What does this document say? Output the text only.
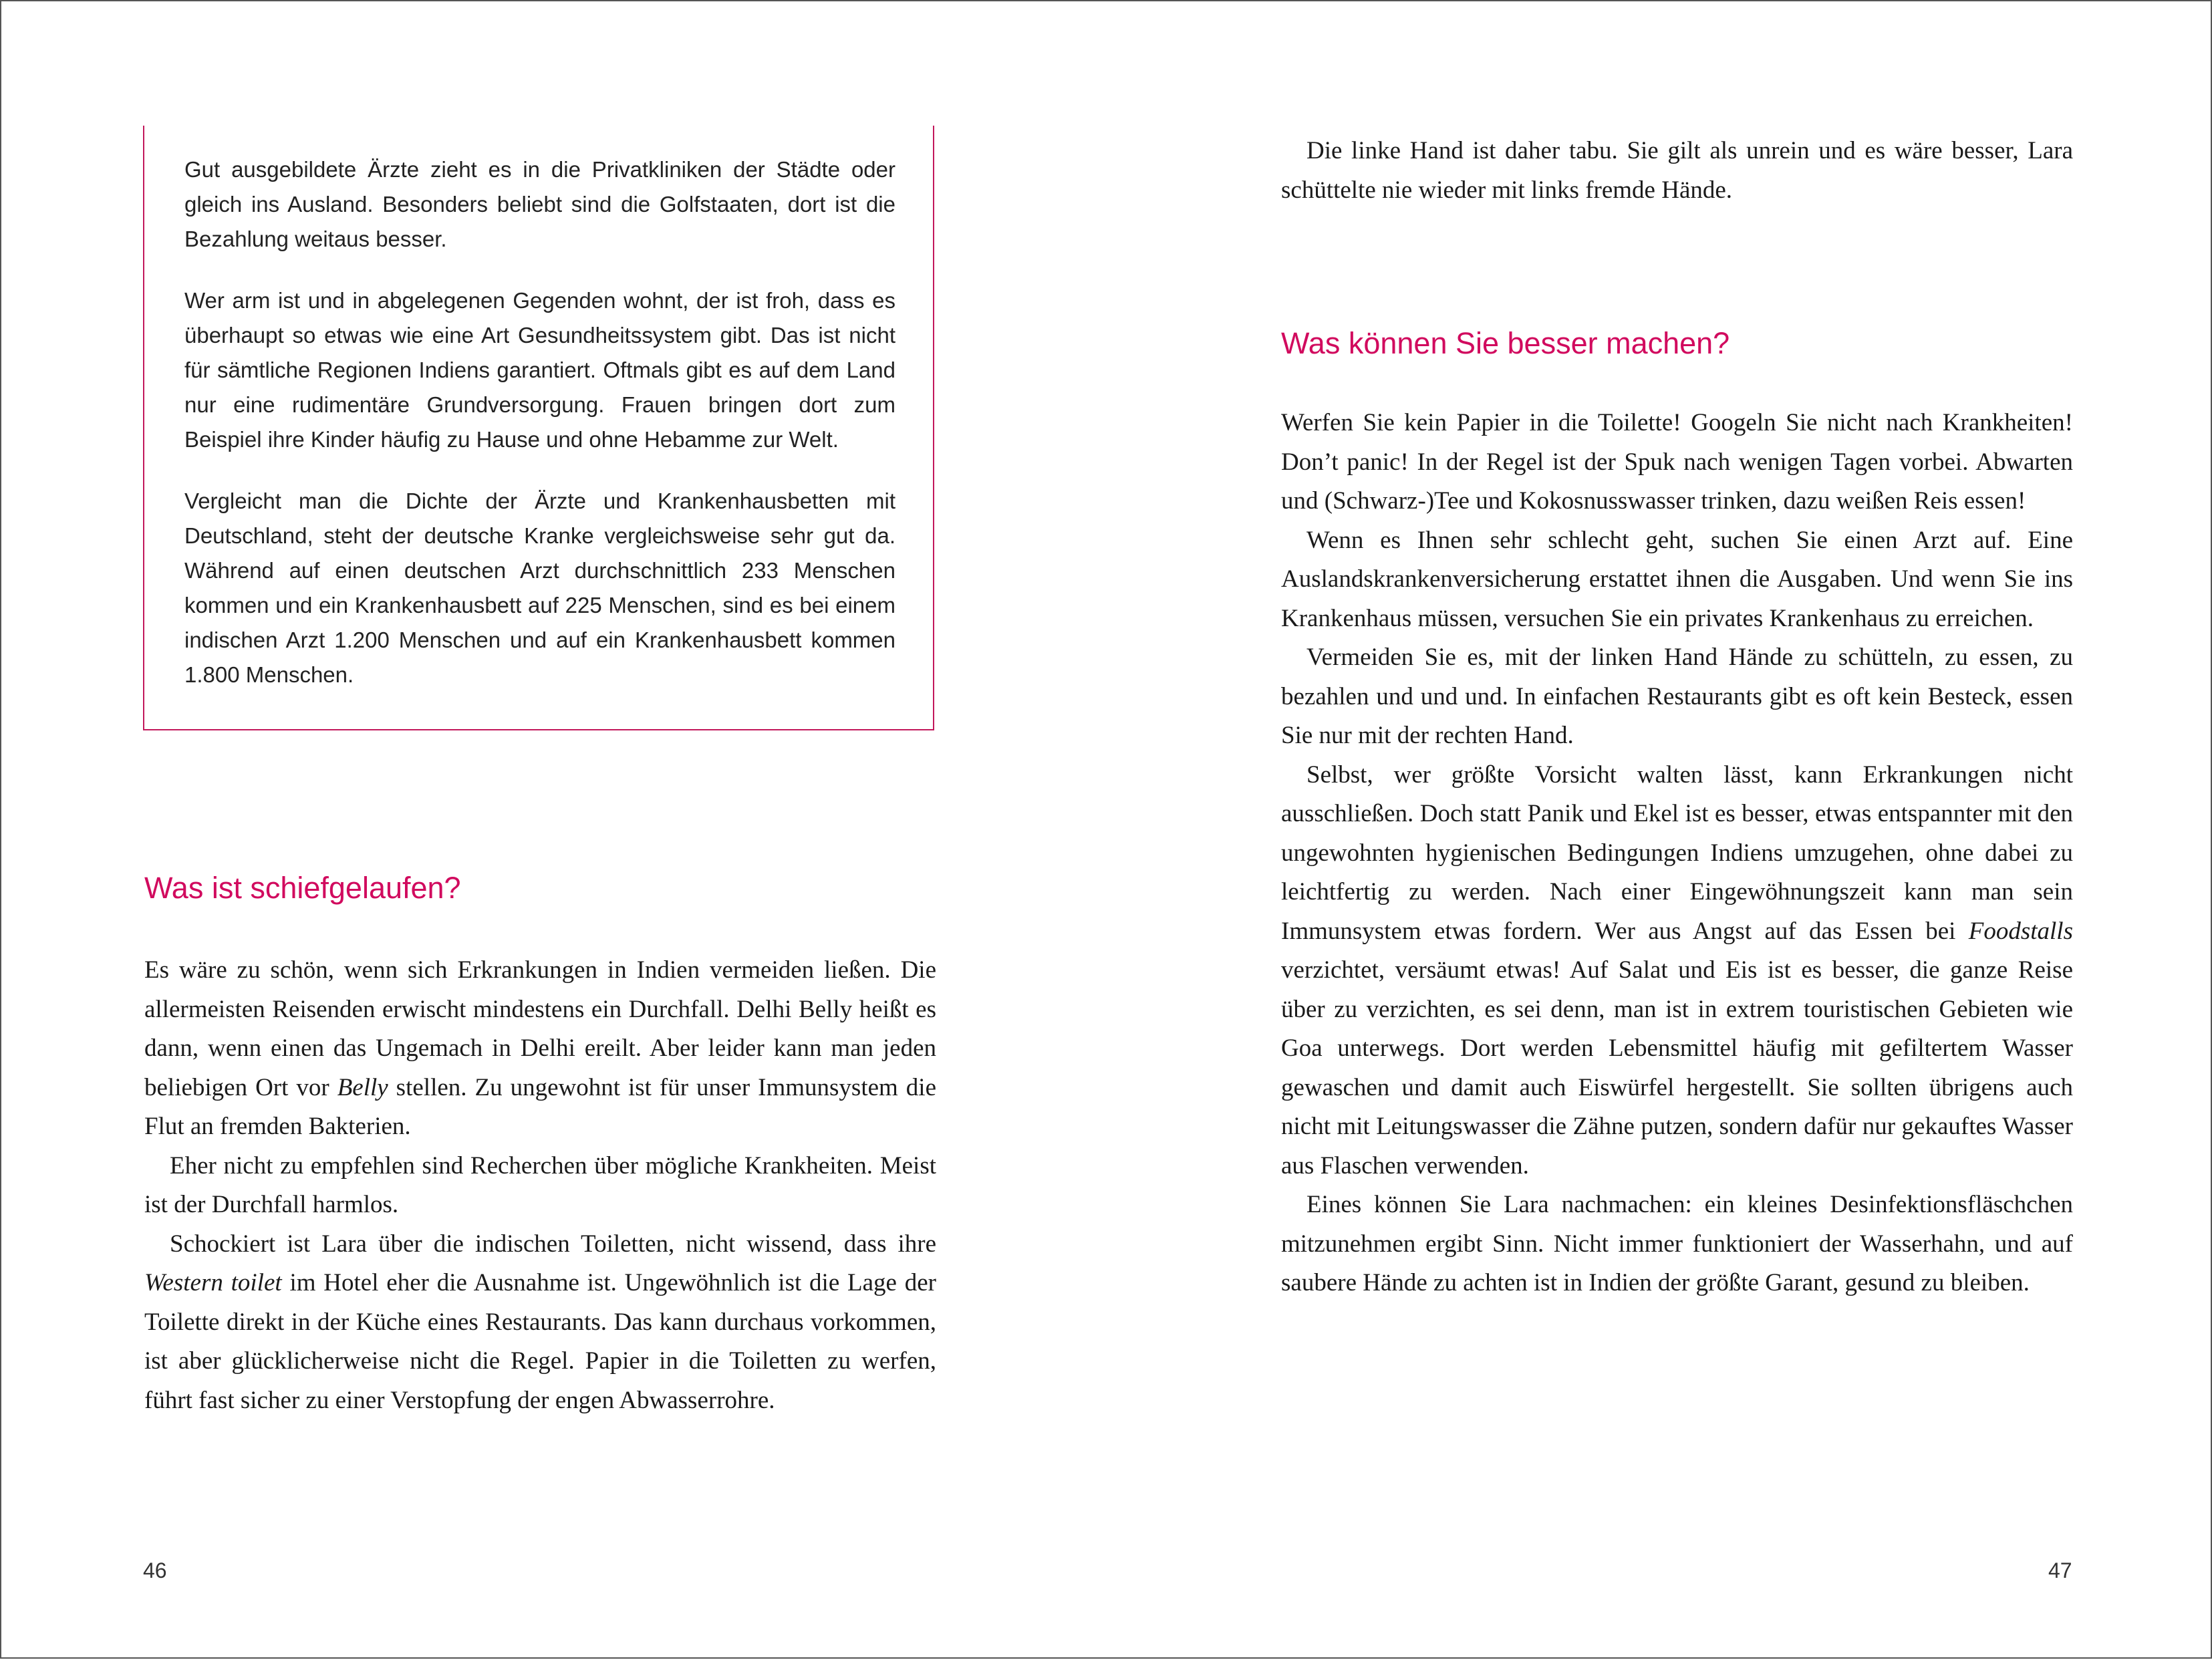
Gut ausgebildete Ärzte zieht es in die Privatkliniken der Städte oder gleich ins Ausland. Besonders beliebt sind die Golfstaaten, dort ist die Bezahlung weitaus besser.

Wer arm ist und in abgelegenen Gegenden wohnt, der ist froh, dass es überhaupt so etwas wie eine Art Gesundheitssystem gibt. Das ist nicht für sämtliche Regionen Indiens garantiert. Oftmals gibt es auf dem Land nur eine rudimentäre Grundversorgung. Frauen bringen dort zum Beispiel ihre Kinder häufig zu Hause und ohne Hebamme zur Welt.

Vergleicht man die Dichte der Ärzte und Krankenhausbetten mit Deutschland, steht der deutsche Kranke vergleichsweise sehr gut da. Während auf einen deutschen Arzt durchschnittlich 233 Menschen kommen und ein Krankenhausbett auf 225 Menschen, sind es bei einem indischen Arzt 1.200 Menschen und auf ein Krankenhausbett kommen 1.800 Menschen.

Was ist schiefgelaufen?

Es wäre zu schön, wenn sich Erkrankungen in Indien vermeiden ließen. Die allermeisten Reisenden erwischt mindestens ein Durchfall. Delhi Belly heißt es dann, wenn einen das Ungemach in Delhi ereilt. Aber leider kann man jeden beliebigen Ort vor Belly stellen. Zu ungewohnt ist für unser Immunsystem die Flut an fremden Bakterien.

Eher nicht zu empfehlen sind Recherchen über mögliche Krankheiten. Meist ist der Durchfall harmlos.

Schockiert ist Lara über die indischen Toiletten, nicht wissend, dass ihre Western toilet im Hotel eher die Ausnahme ist. Ungewöhnlich ist die Lage der Toilette direkt in der Küche eines Restaurants. Das kann durchaus vorkommen, ist aber glücklicherweise nicht die Regel. Papier in die Toiletten zu werfen, führt fast sicher zu einer Verstopfung der engen Abwasserrohre.

46

Die linke Hand ist daher tabu. Sie gilt als unrein und es wäre besser, Lara schüttelte nie wieder mit links fremde Hände.

Was können Sie besser machen?

Werfen Sie kein Papier in die Toilette! Googeln Sie nicht nach Krankheiten! Don’t panic! In der Regel ist der Spuk nach wenigen Tagen vorbei. Abwarten und (Schwarz-)Tee und Kokosnusswasser trinken, dazu weißen Reis essen!

Wenn es Ihnen sehr schlecht geht, suchen Sie einen Arzt auf. Eine Auslandskrankenversicherung erstattet ihnen die Ausgaben. Und wenn Sie ins Krankenhaus müssen, versuchen Sie ein privates Krankenhaus zu erreichen.

Vermeiden Sie es, mit der linken Hand Hände zu schütteln, zu essen, zu bezahlen und und und. In einfachen Restaurants gibt es oft kein Besteck, essen Sie nur mit der rechten Hand.

Selbst, wer größte Vorsicht walten lässt, kann Erkrankungen nicht ausschließen. Doch statt Panik und Ekel ist es besser, etwas entspannter mit den ungewohnten hygienischen Bedingungen Indiens umzugehen, ohne dabei zu leichtfertig zu werden. Nach einer Eingewöhnungszeit kann man sein Immunsystem etwas fordern. Wer aus Angst auf das Essen bei Foodstalls verzichtet, versäumt etwas! Auf Salat und Eis ist es besser, die ganze Reise über zu verzichten, es sei denn, man ist in extrem touristischen Gebieten wie Goa unterwegs. Dort werden Lebensmittel häufig mit gefiltertem Wasser gewaschen und damit auch Eiswürfel hergestellt. Sie sollten übrigens auch nicht mit Leitungswasser die Zähne putzen, sondern dafür nur gekauftes Wasser aus Flaschen verwenden.

Eines können Sie Lara nachmachen: ein kleines Desinfektionsfläschchen mitzunehmen ergibt Sinn. Nicht immer funktioniert der Wasserhahn, und auf saubere Hände zu achten ist in Indien der größte Garant, gesund zu bleiben.

47
